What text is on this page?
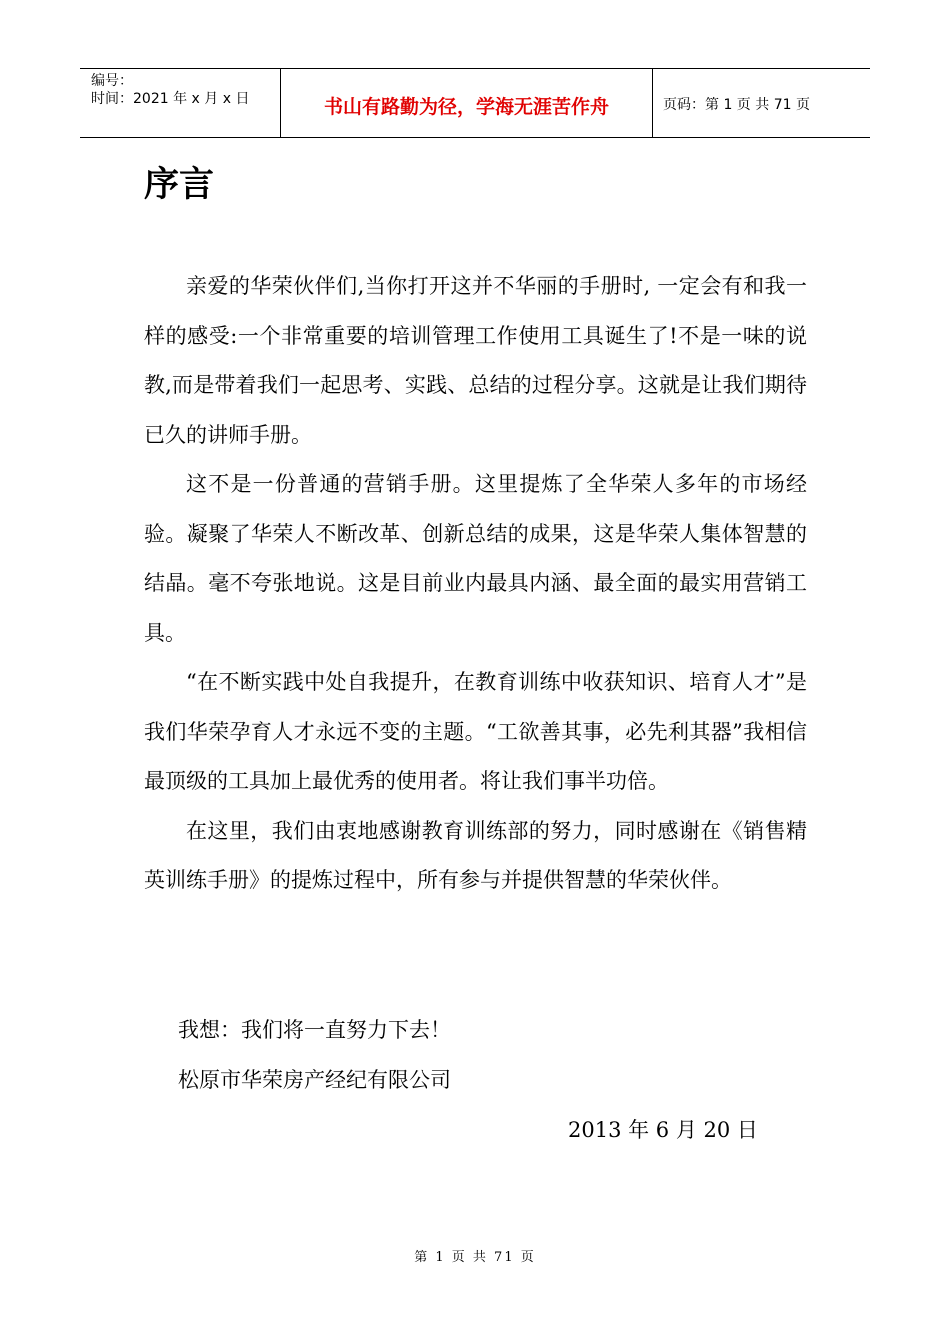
编号：
时间：2021 年 x 月 x 日	书山有路勤为径，学海无涯苦作舟	页码：第 1 页 共 71 页
序言

亲爱的华荣伙伴们,当你打开这并不华丽的手册时, 一定会有和我一样的感受:一个非常重要的培训管理工作使用工具诞生了!不是一味的说教,而是带着我们一起思考、实践、总结的过程分享。这就是让我们期待已久的讲师手册。

这不是一份普通的营销手册。这里提炼了全华荣人多年的市场经验。凝聚了华荣人不断改革、创新总结的成果，这是华荣人集体智慧的结晶。毫不夸张地说。这是目前业内最具内涵、最全面的最实用营销工具。

“在不断实践中处自我提升，在教育训练中收获知识、培育人才”是我们华荣孕育人才永远不变的主题。“工欲善其事，必先利其器”我相信最顶级的工具加上最优秀的使用者。将让我们事半功倍。

在这里，我们由衷地感谢教育训练部的努力，同时感谢在《销售精英训练手册》的提炼过程中，所有参与并提供智慧的华荣伙伴。

我想：我们将一直努力下去！

松原市华荣房产经纪有限公司

2013 年 6 月 20 日

第 1 页 共 71 页
